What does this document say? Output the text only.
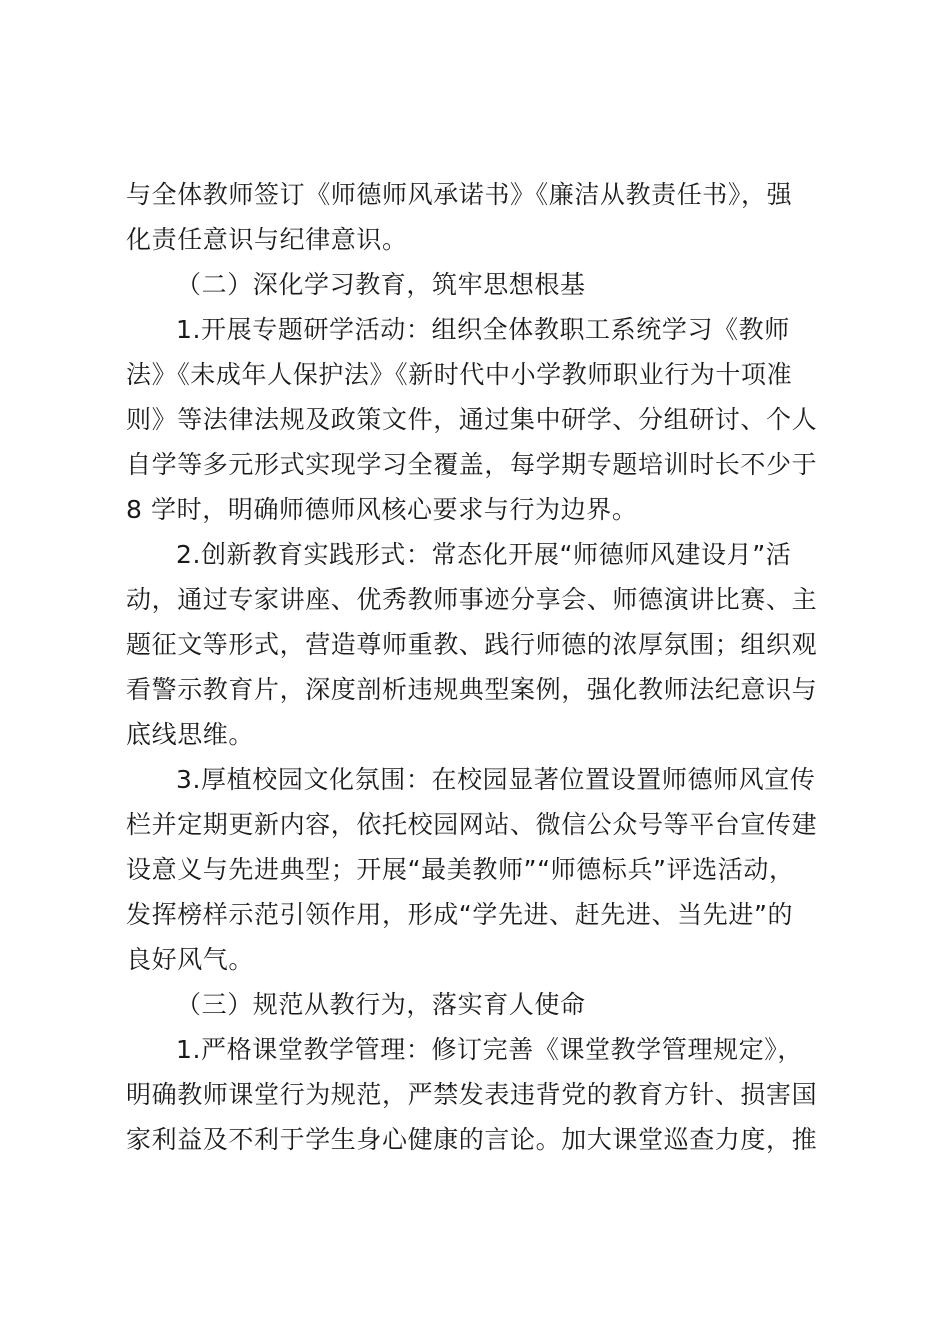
与全体教师签订《师德师风承诺书》《廉洁从教责任书》，强
化责任意识与纪律意识。
（二）深化学习教育，筑牢思想根基
1.开展专题研学活动：组织全体教职工系统学习《教师
法》《未成年人保护法》《新时代中小学教师职业行为十项准
则》等法律法规及政策文件，通过集中研学、分组研讨、个人
自学等多元形式实现学习全覆盖，每学期专题培训时长不少于
8 学时，明确师德师风核心要求与行为边界。
2.创新教育实践形式：常态化开展“师德师风建设月”活
动，通过专家讲座、优秀教师事迹分享会、师德演讲比赛、主
题征文等形式，营造尊师重教、践行师德的浓厚氛围；组织观
看警示教育片，深度剖析违规典型案例，强化教师法纪意识与
底线思维。
3.厚植校园文化氛围：在校园显著位置设置师德师风宣传
栏并定期更新内容，依托校园网站、微信公众号等平台宣传建
设意义与先进典型；开展“最美教师”“师德标兵”评选活动，
发挥榜样示范引领作用，形成“学先进、赶先进、当先进”的
良好风气。
（三）规范从教行为，落实育人使命
1.严格课堂教学管理：修订完善《课堂教学管理规定》，
明确教师课堂行为规范，严禁发表违背党的教育方针、损害国
家利益及不利于学生身心健康的言论。加大课堂巡查力度，推
